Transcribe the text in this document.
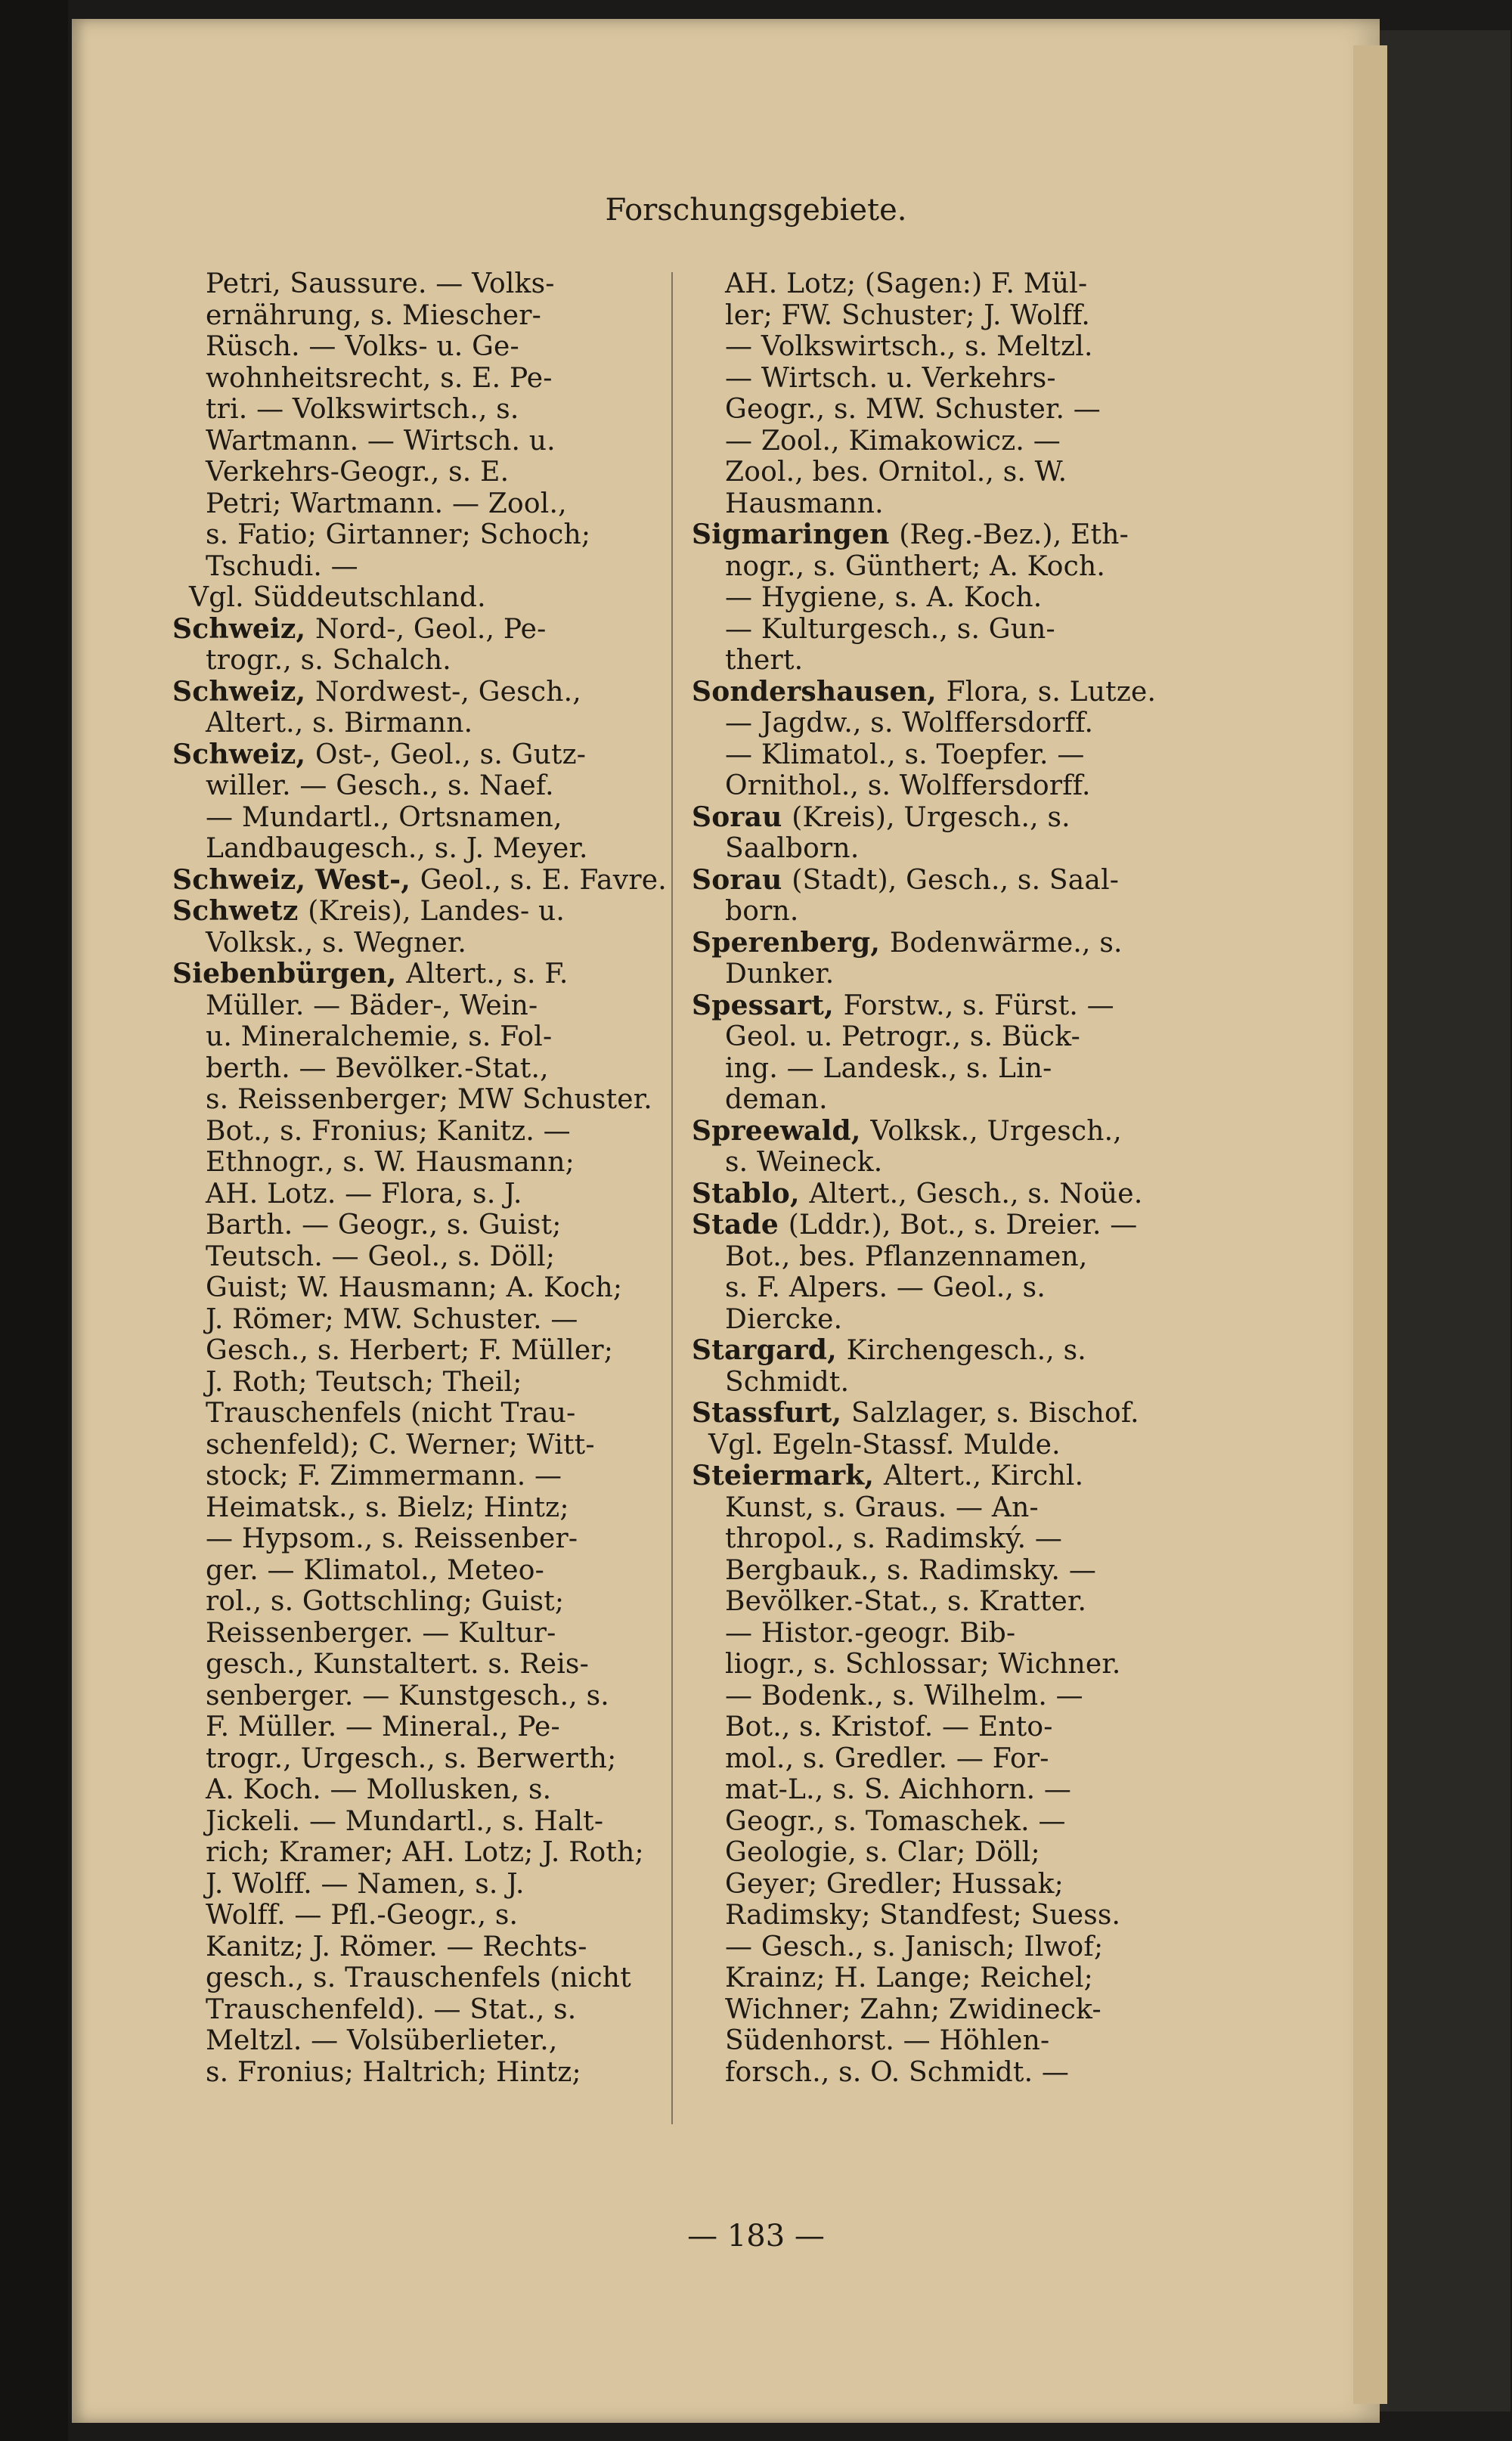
Forschungsgebiete.
Petri, Saussure. — Volks-
ernährung, s. Miescher-
Rüsch. — Volks- u. Ge-
wohnheitsrecht, s. E. Pe-
tri. — Volkswirtsch., s.
Wartmann. — Wirtsch. u.
Verkehrs-Geogr., s. E.
Petri; Wartmann. — Zool.,
s. Fatio; Girtanner; Schoch;
Tschudi. —
Vgl. Süddeutschland.
Schweiz, Nord-, Geol., Pe-
trogr., s. Schalch.
Schweiz, Nordwest-, Gesch.,
Altert., s. Birmann.
Schweiz, Ost-, Geol., s. Gutz-
willer. — Gesch., s. Naef.
— Mundartl., Ortsnamen,
Landbaugesch., s. J. Meyer.
Schweiz, West-, Geol., s. E. Favre.
Schwetz (Kreis), Landes- u.
Volksk., s. Wegner.
Siebenbürgen, Altert., s. F.
Müller. — Bäder-, Wein-
u. Mineralchemie, s. Fol-
berth. — Bevölker.-Stat.,
s. Reissenberger; MW Schuster.
Bot., s. Fronius; Kanitz. —
Ethnogr., s. W. Hausmann;
AH. Lotz. — Flora, s. J.
Barth. — Geogr., s. Guist;
Teutsch. — Geol., s. Döll;
Guist; W. Hausmann; A. Koch;
J. Römer; MW. Schuster. —
Gesch., s. Herbert; F. Müller;
J. Roth; Teutsch; Theil;
Trauschenfels (nicht Trau-
schenfeld); C. Werner; Witt-
stock; F. Zimmermann. —
Heimatsk., s. Bielz; Hintz;
— Hypsom., s. Reissenber-
ger. — Klimatol., Meteo-
rol., s. Gottschling; Guist;
Reissenberger. — Kultur-
gesch., Kunstaltert. s. Reis-
senberger. — Kunstgesch., s.
F. Müller. — Mineral., Pe-
trogr., Urgesch., s. Berwerth;
A. Koch. — Mollusken, s.
Jickeli. — Mundartl., s. Halt-
rich; Kramer; AH. Lotz; J. Roth;
J. Wolff. — Namen, s. J.
Wolff. — Pfl.-Geogr., s.
Kanitz; J. Römer. — Rechts-
gesch., s. Trauschenfels (nicht
Trauschenfeld). — Stat., s.
Meltzl. — Volsüberlieter.,
s. Fronius; Haltrich; Hintz;
AH. Lotz; (Sagen:) F. Mül-
ler; FW. Schuster; J. Wolff.
— Volkswirtsch., s. Meltzl.
— Wirtsch. u. Verkehrs-
Geogr., s. MW. Schuster. —
— Zool., Kimakowicz. —
Zool., bes. Ornitol., s. W.
Hausmann.
Sigmaringen (Reg.-Bez.), Eth-
nogr., s. Günthert; A. Koch.
— Hygiene, s. A. Koch.
— Kulturgesch., s. Gun-
thert.
Sondershausen, Flora, s. Lutze.
— Jagdw., s. Wolffersdorff.
— Klimatol., s. Toepfer. —
Ornithol., s. Wolffersdorff.
Sorau (Kreis), Urgesch., s.
Saalborn.
Sorau (Stadt), Gesch., s. Saal-
born.
Sperenberg, Bodenwärme., s.
Dunker.
Spessart, Forstw., s. Fürst. —
Geol. u. Petrogr., s. Bück-
ing. — Landesk., s. Lin-
deman.
Spreewald, Volksk., Urgesch.,
s. Weineck.
Stablo, Altert., Gesch., s. Noüe.
Stade (Lddr.), Bot., s. Dreier. —
Bot., bes. Pflanzennamen,
s. F. Alpers. — Geol., s.
Diercke.
Stargard, Kirchengesch., s.
Schmidt.
Stassfurt, Salzlager, s. Bischof.
Vgl. Egeln-Stassf. Mulde.
Steiermark, Altert., Kirchl.
Kunst, s. Graus. — An-
thropol., s. Radimský. —
Bergbauk., s. Radimsky. —
Bevölker.-Stat., s. Kratter.
— Histor.-geogr. Bib-
liogr., s. Schlossar; Wichner.
— Bodenk., s. Wilhelm. —
Bot., s. Kristof. — Ento-
mol., s. Gredler. — For-
mat-L., s. S. Aichhorn. —
Geogr., s. Tomaschek. —
Geologie, s. Clar; Döll;
Geyer; Gredler; Hussak;
Radimsky; Standfest; Suess.
— Gesch., s. Janisch; Ilwof;
Krainz; H. Lange; Reichel;
Wichner; Zahn; Zwidineck-
Südenhorst. — Höhlen-
forsch., s. O. Schmidt. —
— 183 —
